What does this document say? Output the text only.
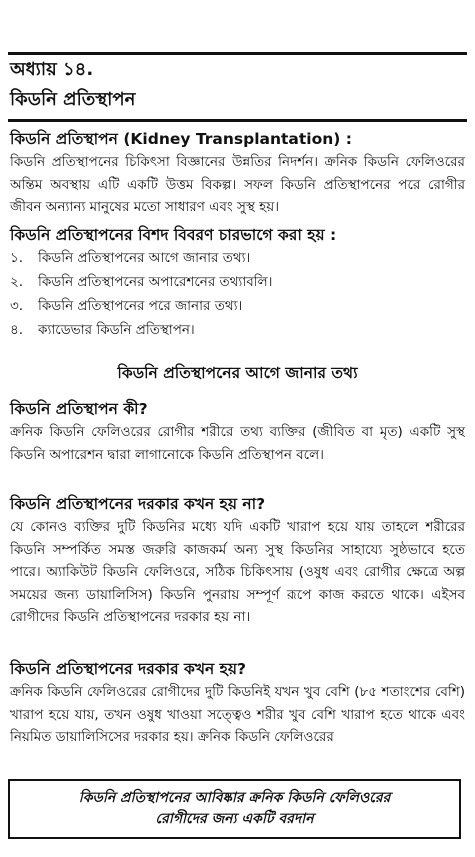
অধ্যায় ১৪.
কিডনি প্রতিস্থাপন
কিডনি প্রতিস্থাপন (Kidney Transplantation) :
কিডনি প্রতিস্থাপনের চিকিৎসা বিজ্ঞানের উন্নতির নিদর্শন। ক্রনিক কিডনি ফেলিওরের অন্তিম অবস্থায় এটি একটি উত্তম বিকল্প। সফল কিডনি প্রতিস্থাপনের পরে রোগীর জীবন অন্যান্য মানুষের মতো সাধারণ এবং সুস্থ হয়।
কিডনি প্রতিস্থাপনের বিশদ বিবরণ চারভাগে করা হয় :
১. কিডনি প্রতিস্থাপনের আগে জানার তথ্য।
২. কিডনি প্রতিস্থাপনের অপারেশনের তথ্যাবলি।
৩. কিডনি প্রতিস্থাপনের পরে জানার তথ্য।
৪. ক্যাডেভার কিডনি প্রতিস্থাপন।
কিডনি প্রতিস্থাপনের আগে জানার তথ্য
কিডনি প্রতিস্থাপন কী?
ক্রনিক কিডনি ফেলিওরের রোগীর শরীরে তথ্য ব্যক্তির (জীবিত বা মৃত) একটি সুস্থ কিডনি অপারেশন দ্বারা লাগানোকে কিডনি প্রতিস্থাপন বলে।
কিডনি প্রতিস্থাপনের দরকার কখন হয় না?
যে কোনও ব্যক্তির দুটি কিডনির মধ্যে যদি একটি খারাপ হয়ে যায় তাহলে শরীরের কিডনি সম্পর্কিত সমস্ত জরুরি কাজকর্ম অন্য সুস্থ কিডনির সাহায্যে সুষ্ঠভাবে হতে পারে। অ্যাকিউট কিডনি ফেলিওরে, সঠিক চিকিৎসায় (ওষুধ এবং রোগীর ক্ষেত্রে অল্প সময়ের জন্য ডায়ালিসিস) কিডনি পুনরায় সম্পূর্ণ রূপে কাজ করতে থাকে। এইসব রোগীদের কিডনি প্রতিস্থাপনের দরকার হয় না।
কিডনি প্রতিস্থাপনের দরকার কখন হয়?
ক্রনিক কিডনি ফেলিওরের রোগীদের দুটি কিডনিই যখন খুব বেশি (৮৫ শতাংশের বেশি) খারাপ হয়ে যায়, তখন ওষুধ খাওয়া সত্ত্বেও শরীর খুব বেশি খারাপ হতে থাকে এবং নিয়মিত ডায়ালিসিসের দরকার হয়। ক্রনিক কিডনি ফেলিওরের
কিডনি প্রতিস্থাপনের আবিষ্কার ক্রনিক কিডনি ফেলিওরের
রোগীদের জন্য একটি বরদান
